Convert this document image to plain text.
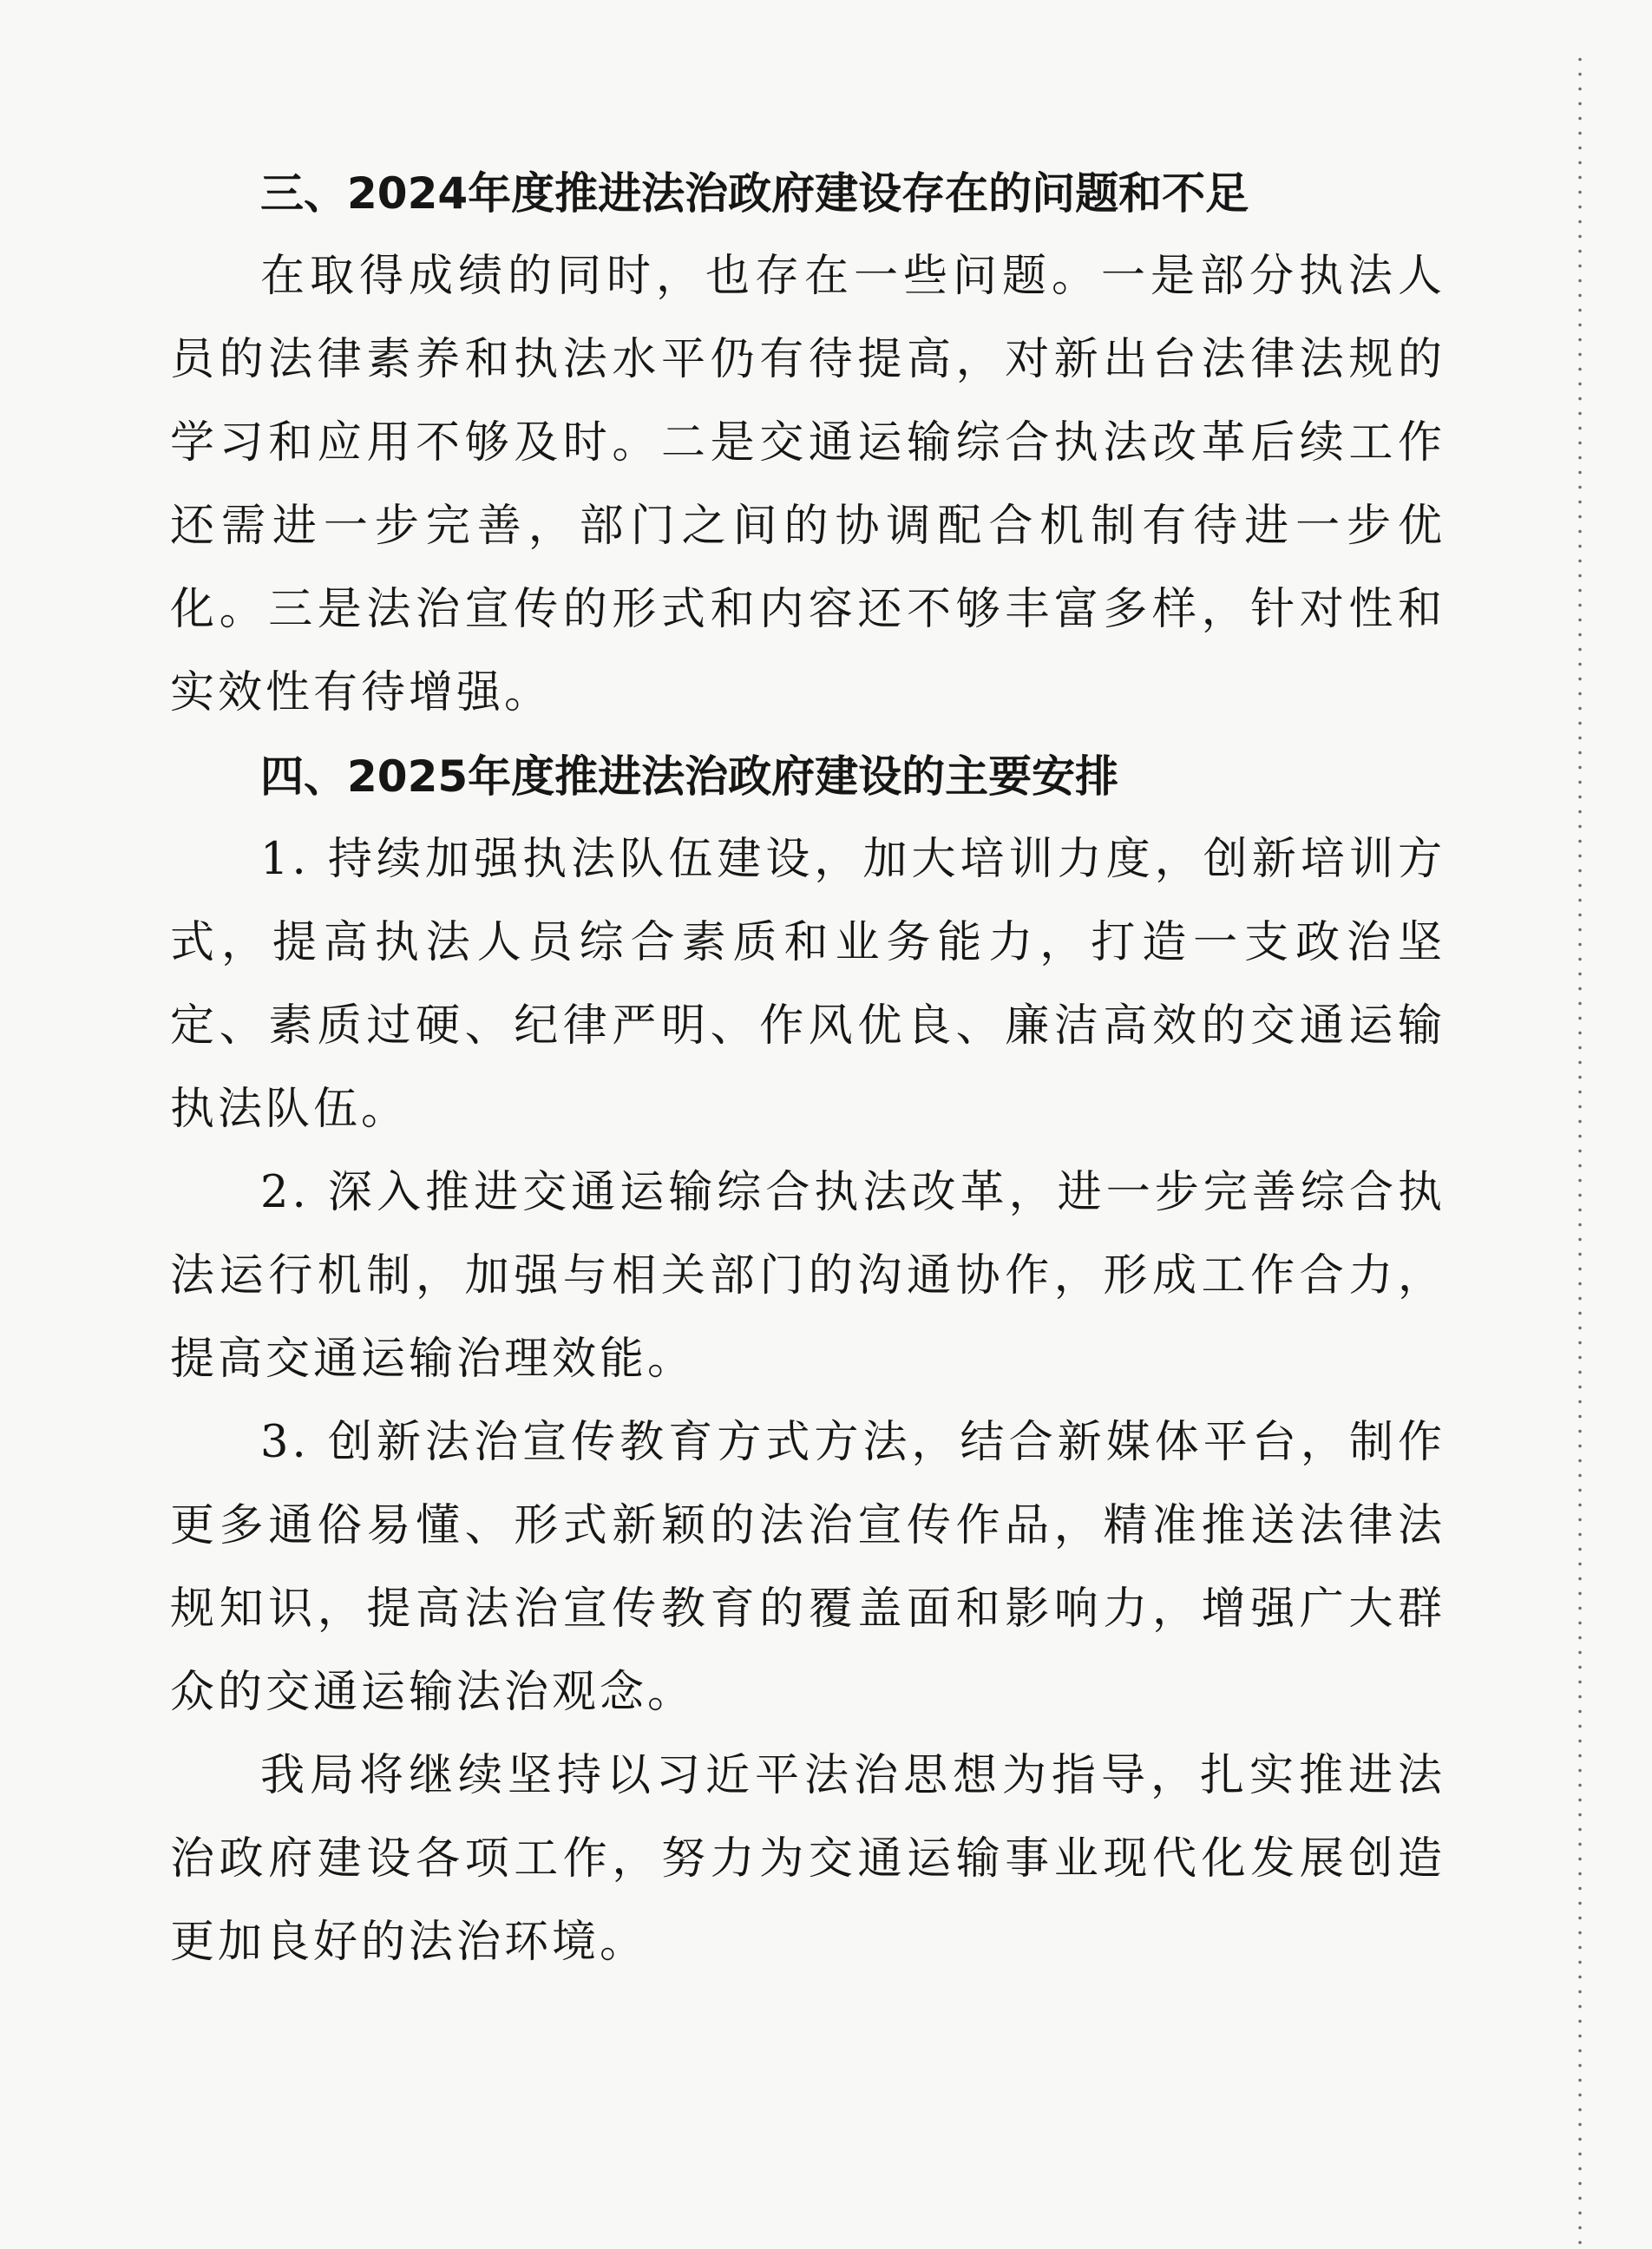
三、2024年度推进法治政府建设存在的问题和不足

在取得成绩的同时，也存在一些问题。一是部分执法人员的法律素养和执法水平仍有待提高，对新出台法律法规的学习和应用不够及时。二是交通运输综合执法改革后续工作还需进一步完善，部门之间的协调配合机制有待进一步优化。三是法治宣传的形式和内容还不够丰富多样，针对性和实效性有待增强。

四、2025年度推进法治政府建设的主要安排

1. 持续加强执法队伍建设，加大培训力度，创新培训方式，提高执法人员综合素质和业务能力，打造一支政治坚定、素质过硬、纪律严明、作风优良、廉洁高效的交通运输执法队伍。

2. 深入推进交通运输综合执法改革，进一步完善综合执法运行机制，加强与相关部门的沟通协作，形成工作合力，提高交通运输治理效能。

3. 创新法治宣传教育方式方法，结合新媒体平台，制作更多通俗易懂、形式新颖的法治宣传作品，精准推送法律法规知识，提高法治宣传教育的覆盖面和影响力，增强广大群众的交通运输法治观念。

我局将继续坚持以习近平法治思想为指导，扎实推进法治政府建设各项工作，努力为交通运输事业现代化发展创造更加良好的法治环境。
